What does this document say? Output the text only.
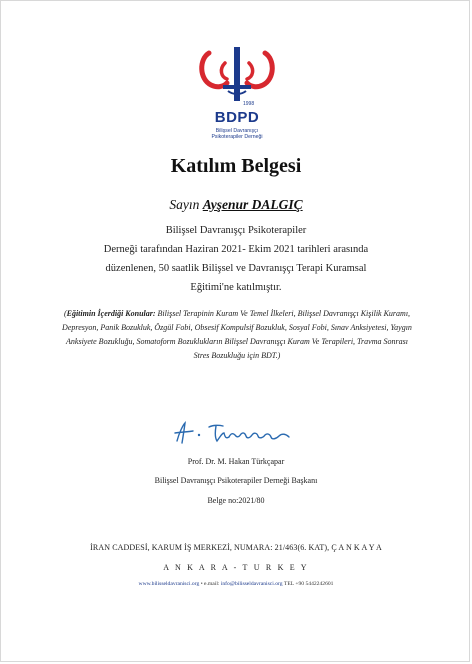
1998
BDPD
Bilişsel Davranışçı
Psikoterapiler Derneği
Katılım Belgesi
Sayın Ayşenur DALGIÇ
Bilişsel Davranışçı Psikoterapiler
Derneği tarafından Haziran 2021- Ekim 2021 tarihleri arasında
düzenlenen, 50 saatlik Bilişsel ve Davranışçı Terapi Kuramsal
Eğitimi'ne katılmıştır.
(Eğitimin İçerdiği Konular: Bilişsel Terapinin Kuram Ve Temel İlkeleri, Bilişsel Davranışçı Kişilik Kuramı, Depresyon, Panik Bozukluk, Özgül Fobi, Obsesif Kompulsif Bozukluk, Sosyal Fobi, Sınav Anksiyetesi, Yaygın Anksiyete Bozukluğu, Somatoform Bozuklukların Bilişsel Davranışçı Kuram Ve Terapileri, Travma Sonrası Stres Bozukluğu için BDT.)
Prof. Dr. M. Hakan Türkçapar
Bilişsel Davranışçı Psikoterapiler Derneği Başkanı
Belge no:2021/80
İRAN CADDESİ, KARUM İŞ MERKEZİ, NUMARA: 21/463(6. KAT), Ç A N K A Y A
A N K A R A - T U R K E Y
www.bilisseldavranisci.org • e.mail: info@bilisseldavranisci.org TEL +90 5442242601
